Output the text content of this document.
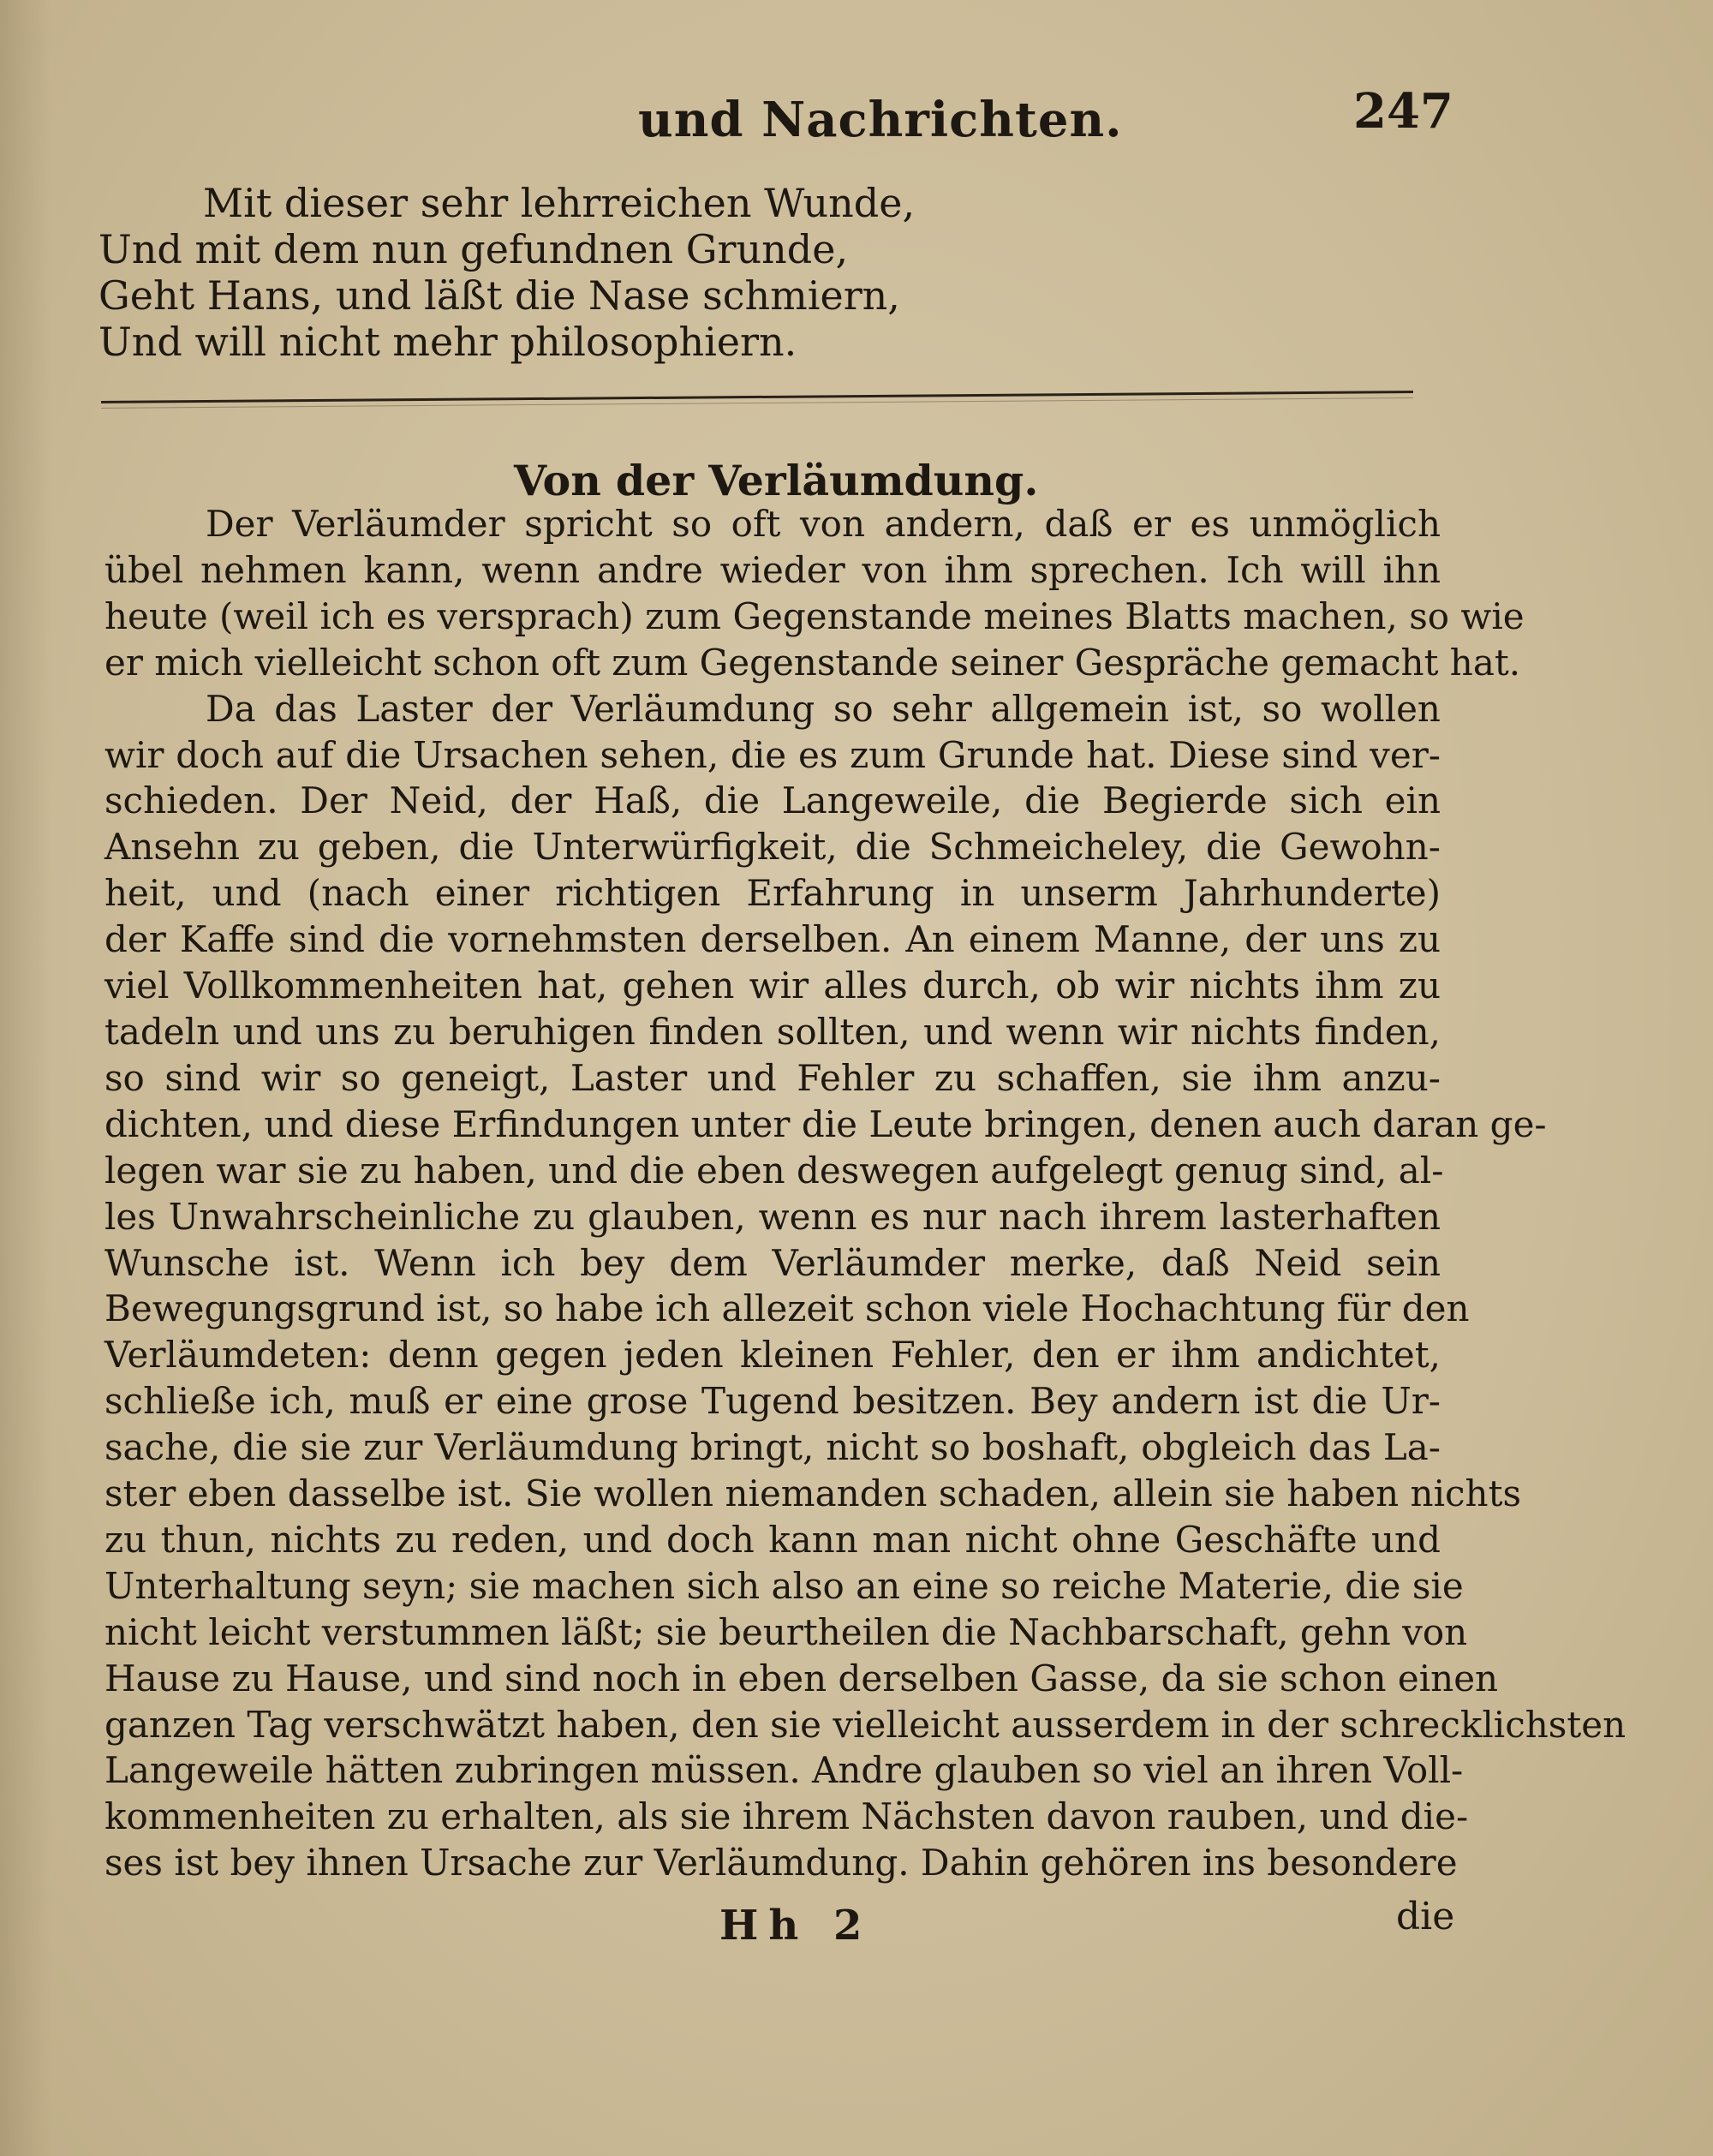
und Nachrichten.	247
Mit dieser sehr lehrreichen Wunde,
Und mit dem nun gefundnen Grunde,
Geht Hans, und läßt die Nase schmiern,
Und will nicht mehr philosophiern.
Von der Verläumdung.
Der Verläumder spricht so oft von andern, daß er es unmöglich
übel nehmen kann, wenn andre wieder von ihm sprechen. Ich will ihn
heute (weil ich es versprach) zum Gegenstande meines Blatts machen, so wie
er mich vielleicht schon oft zum Gegenstande seiner Gespräche gemacht hat.
Da das Laster der Verläumdung so sehr allgemein ist, so wollen
wir doch auf die Ursachen sehen, die es zum Grunde hat. Diese sind ver-
schieden. Der Neid, der Haß, die Langeweile, die Begierde sich ein
Ansehn zu geben, die Unterwürfigkeit, die Schmeicheley, die Gewohn-
heit, und (nach einer richtigen Erfahrung in unserm Jahrhunderte)
der Kaffe sind die vornehmsten derselben. An einem Manne, der uns zu
viel Vollkommenheiten hat, gehen wir alles durch, ob wir nichts ihm zu
tadeln und uns zu beruhigen finden sollten, und wenn wir nichts finden,
so sind wir so geneigt, Laster und Fehler zu schaffen, sie ihm anzu-
dichten, und diese Erfindungen unter die Leute bringen, denen auch daran ge-
legen war sie zu haben, und die eben deswegen aufgelegt genug sind, al-
les Unwahrscheinliche zu glauben, wenn es nur nach ihrem lasterhaften
Wunsche ist. Wenn ich bey dem Verläumder merke, daß Neid sein
Bewegungsgrund ist, so habe ich allezeit schon viele Hochachtung für den
Verläumdeten: denn gegen jeden kleinen Fehler, den er ihm andichtet,
schließe ich, muß er eine grose Tugend besitzen. Bey andern ist die Ur-
sache, die sie zur Verläumdung bringt, nicht so boshaft, obgleich das La-
ster eben dasselbe ist. Sie wollen niemanden schaden, allein sie haben nichts
zu thun, nichts zu reden, und doch kann man nicht ohne Geschäfte und
Unterhaltung seyn; sie machen sich also an eine so reiche Materie, die sie
nicht leicht verstummen läßt; sie beurtheilen die Nachbarschaft, gehn von
Hause zu Hause, und sind noch in eben derselben Gasse, da sie schon einen
ganzen Tag verschwätzt haben, den sie vielleicht ausserdem in der schrecklichsten
Langeweile hätten zubringen müssen. Andre glauben so viel an ihren Voll-
kommenheiten zu erhalten, als sie ihrem Nächsten davon rauben, und die-
ses ist bey ihnen Ursache zur Verläumdung. Dahin gehören ins besondere
Hh 2	die
